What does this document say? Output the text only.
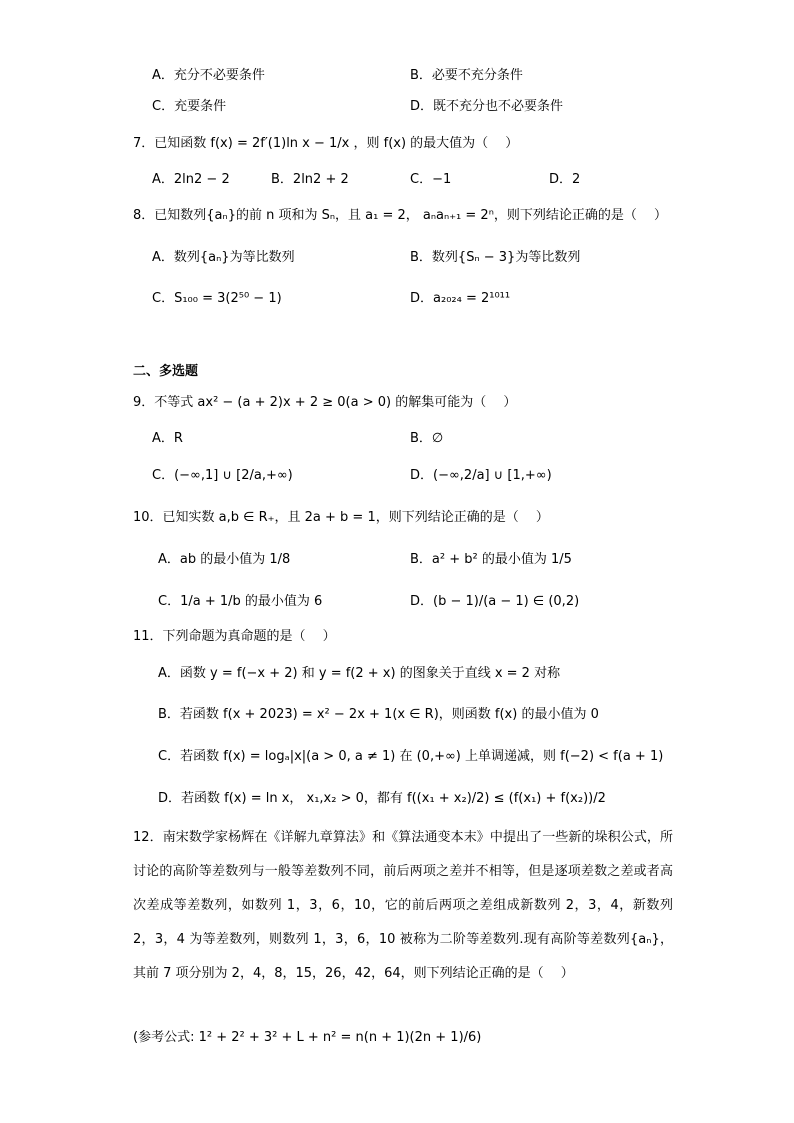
A．充分不必要条件	B．必要不充分条件
C．充要条件	D．既不充分也不必要条件
7．已知函数 f(x) = 2f′(1)ln x − 1/x ，则 f(x) 的最大值为（　 ）
A．2ln2 − 2	B．2ln2 + 2	C．−1	D．2
8．已知数列{aₙ}的前 n 项和为 Sₙ，且 a₁ = 2， aₙaₙ₊₁ = 2ⁿ，则下列结论正确的是（　 ）
A．数列{aₙ}为等比数列	B．数列{Sₙ − 3}为等比数列
C．S₁₀₀ = 3(2⁵⁰ − 1)	D．a₂₀₂₄ = 2¹⁰¹¹
二、多选题
9．不等式 ax² − (a + 2)x + 2 ≥ 0(a > 0) 的解集可能为（　 ）
A．R	B．∅
C．(−∞,1] ∪ [2/a,+∞)	D．(−∞,2/a] ∪ [1,+∞)
10．已知实数 a,b ∈ R₊，且 2a + b = 1，则下列结论正确的是（　 ）
A．ab 的最小值为 1/8	B．a² + b² 的最小值为 1/5
C．1/a + 1/b 的最小值为 6	D．(b − 1)/(a − 1) ∈ (0,2)
11．下列命题为真命题的是（　 ）
A．函数 y = f(−x + 2) 和 y = f(2 + x) 的图象关于直线 x = 2 对称
B．若函数 f(x + 2023) = x² − 2x + 1(x ∈ R)，则函数 f(x) 的最小值为 0
C．若函数 f(x) = logₐ|x|(a > 0, a ≠ 1) 在 (0,+∞) 上单调递减，则 f(−2) < f(a + 1)
D．若函数 f(x) = ln x， x₁,x₂ > 0，都有 f((x₁ + x₂)/2) ≤ (f(x₁) + f(x₂))/2
12．南宋数学家杨辉在《详解九章算法》和《算法通变本末》中提出了一些新的垛积公式，所讨论的高阶等差数列与一般等差数列不同，前后两项之差并不相等，但是逐项差数之差或者高次差成等差数列，如数列 1，3，6，10，它的前后两项之差组成新数列 2，3，4，新数列 2，3，4 为等差数列，则数列 1，3，6，10 被称为二阶等差数列.现有高阶等差数列{aₙ}，其前 7 项分别为 2，4，8，15，26，42，64，则下列结论正确的是（　 ）
(参考公式: 1² + 2² + 3² + L + n² = n(n + 1)(2n + 1)/6)
